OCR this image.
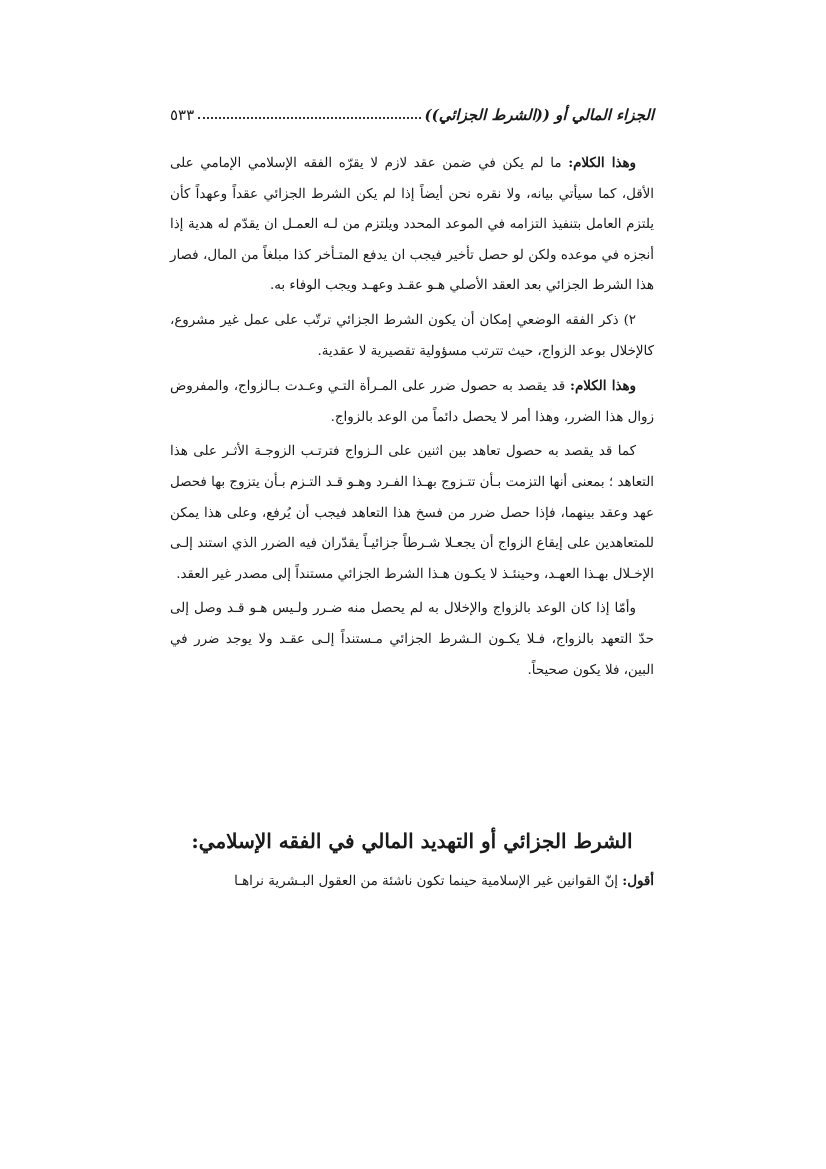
الجزاء المالي أو ((الشرط الجزائي))
٥٣٣

وهذا الكلام: ما لم يكن في ضمن عقد لازم لا يقرّه الفقه الإسلامي الإمامي على الأقل، كما سيأتي بيانه، ولا نقره نحن أيضاً إذا لم يكن الشرط الجزائي عقداً وعهداً كأن يلتزم العامل بتنفيذ التزامه في الموعد المحدد ويلتزم من لـه العمـل ان يقدّم له هدية إذا أنجزه في موعده ولكن لو حصل تأخير فيجب ان يدفع المتـأخر كذا مبلغاً من المال، فصار هذا الشرط الجزائي بعد العقد الأصلي هـو عقـد وعهـد ويجب الوفاء به.

٢) ذكر الفقه الوضعي إمكان أن يكون الشرط الجزائي ترتّب على عمل غير مشروع، كالإخلال بوعد الزواج، حيث تترتب مسؤولية تقصيرية لا عقدية.

وهذا الكلام: قد يقصد به حصول ضرر على المـرأة التـي وعـدت بـالزواج، والمفروض زوال هذا الضرر، وهذا أمر لا يحصل دائماً من الوعد بالزواج.

كما قد يقصد به حصول تعاهد بين اثنين على الـزواج فترتـب الزوجـة الأثـر على هذا التعاهد ؛ بمعنى أنها التزمت بـأن تتـزوج بهـذا الفـرد وهـو قـد التـزم بـأن يتزوج بها فحصل عهد وعقد بينهما، فإذا حصل ضرر من فسخ هذا التعاهد فيجب أن يُرفع، وعلى هذا يمكن للمتعاهدين على إيقاع الزواج أن يجعـلا شـرطاً جزائيـاً يقدّران فيه الضرر الذي استند إلـى الإخـلال بهـذا العهـد، وحينئـذ لا يكـون هـذا الشرط الجزائي مستنداً إلى مصدر غير العقد.

وأمّا إذا كان الوعد بالزواج والإخلال به لم يحصل منه ضـرر ولـيس هـو قـد وصل إلى حدّ التعهد بالزواج، فـلا يكـون الـشرط الجزائي مـستنداً إلـى عقـد ولا يوجد ضرر في البين، فلا يكون صحيحاً.

الشرط الجزائي أو التهديد المالي في الفقه الإسلامي:

أقول: إنّ القوانين غير الإسلامية حينما تكون ناشئة من العقول البـشرية نراهـا
